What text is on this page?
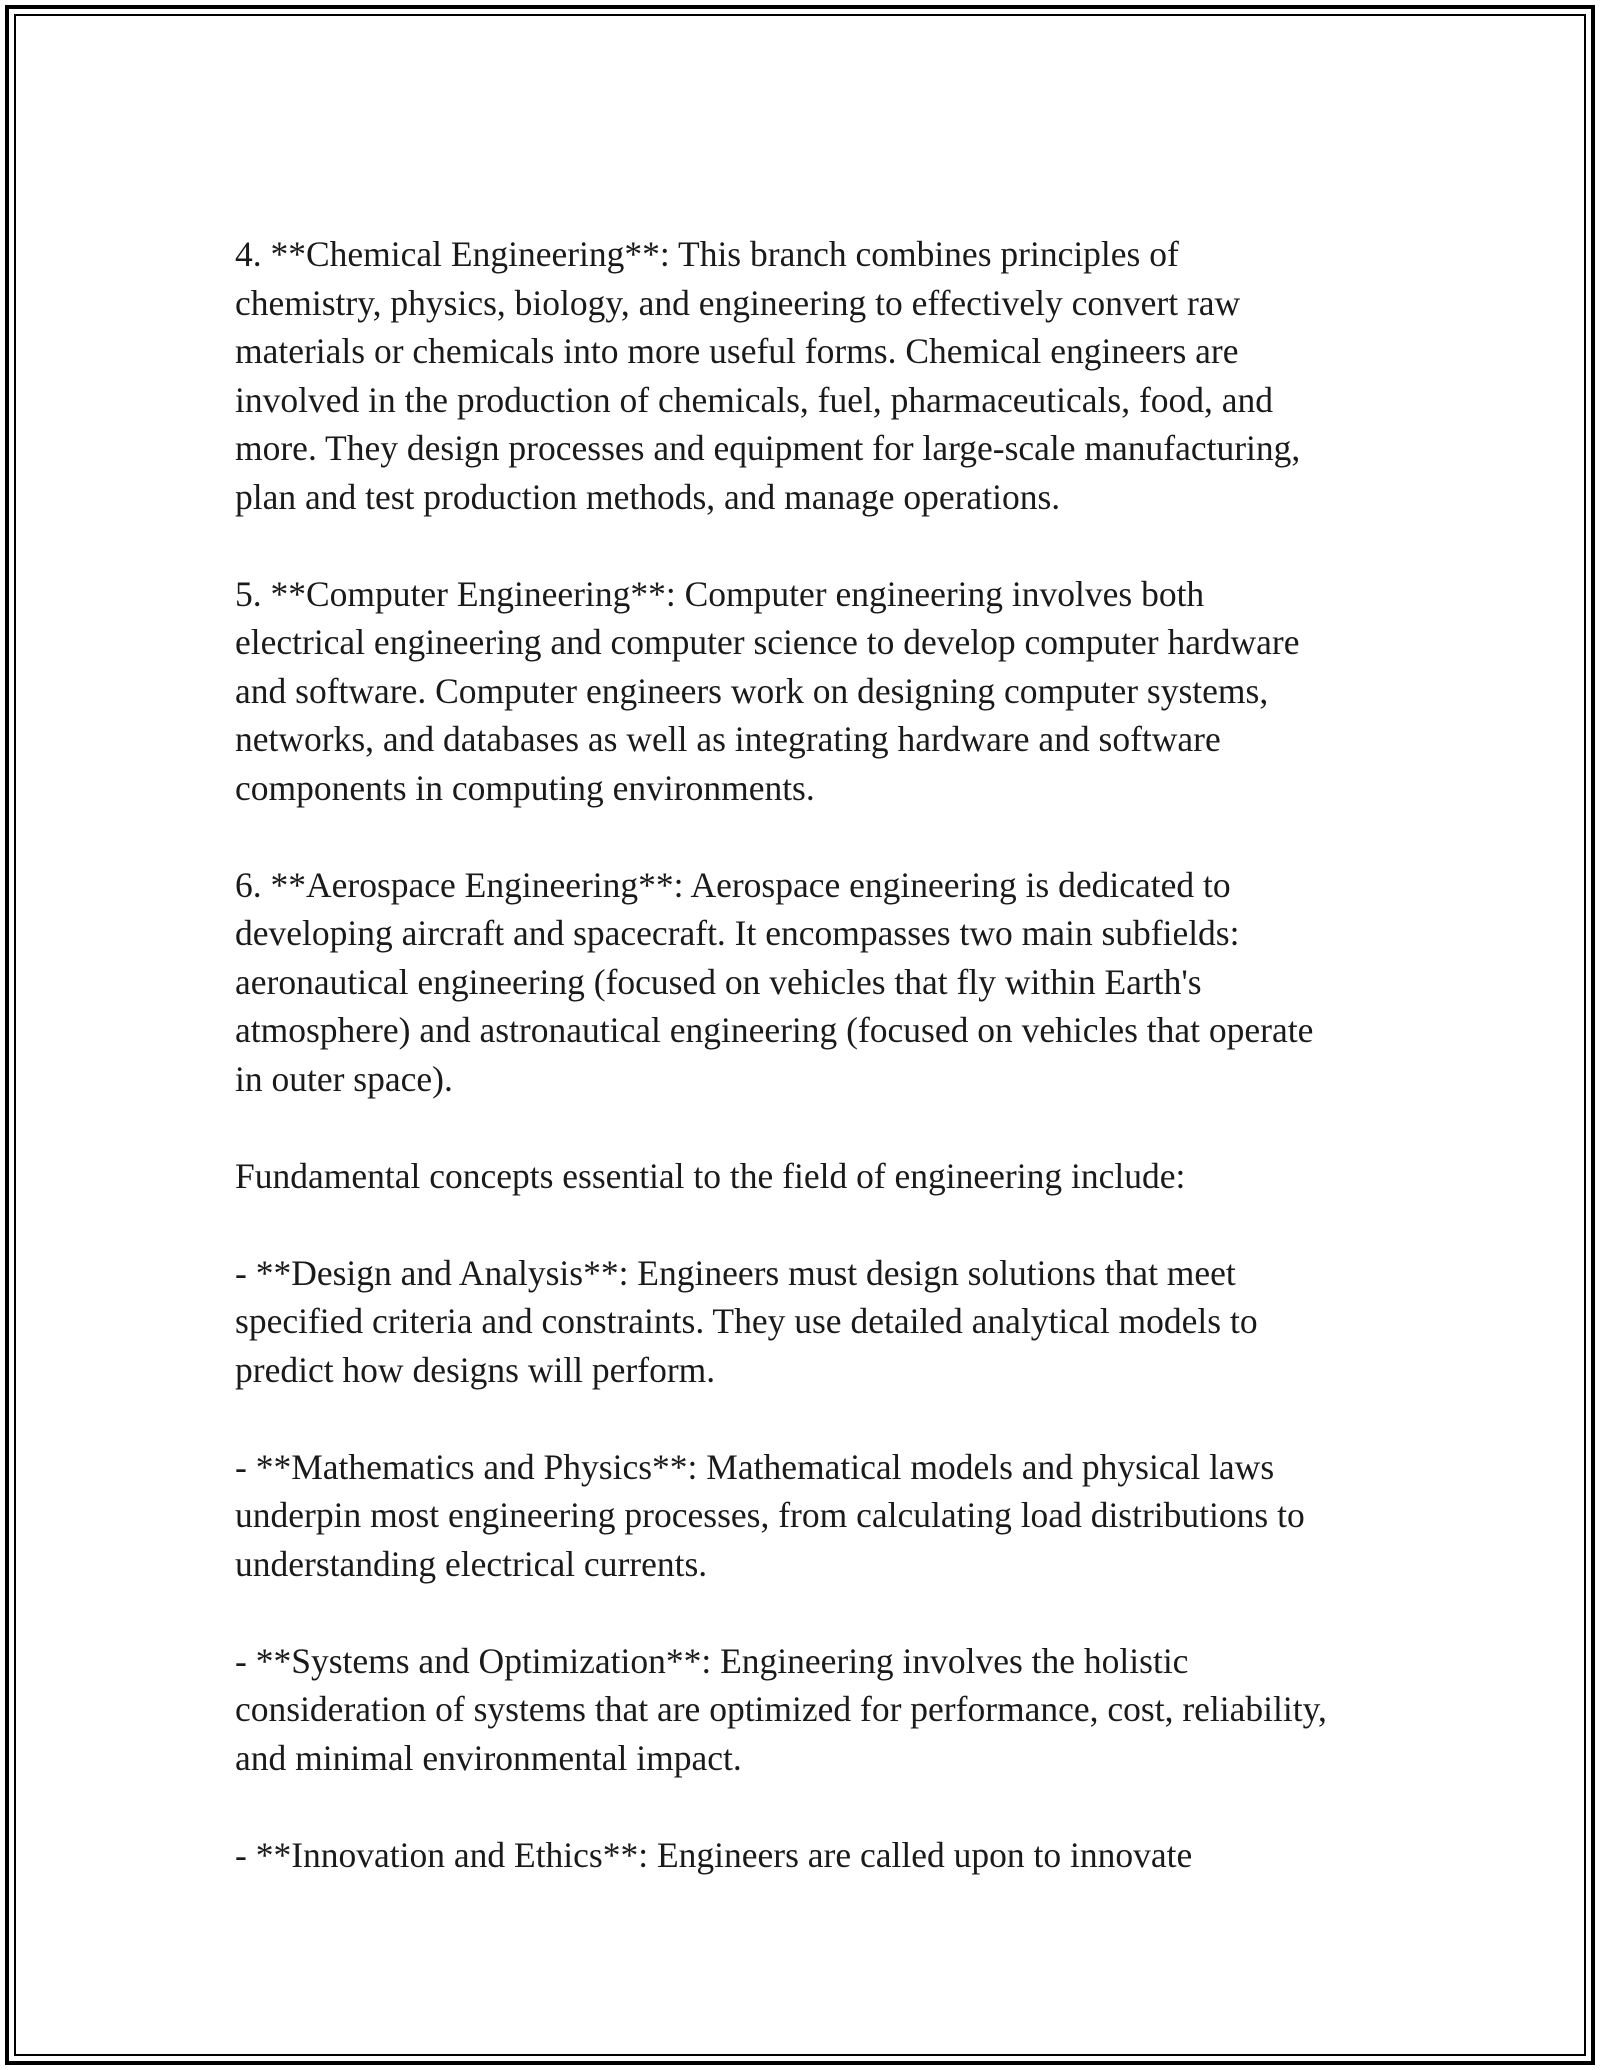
4. **Chemical Engineering**: This branch combines principles of
chemistry, physics, biology, and engineering to effectively convert raw
materials or chemicals into more useful forms. Chemical engineers are
involved in the production of chemicals, fuel, pharmaceuticals, food, and
more. They design processes and equipment for large-scale manufacturing,
plan and test production methods, and manage operations.

5. **Computer Engineering**: Computer engineering involves both
electrical engineering and computer science to develop computer hardware
and software. Computer engineers work on designing computer systems,
networks, and databases as well as integrating hardware and software
components in computing environments.

6. **Aerospace Engineering**: Aerospace engineering is dedicated to
developing aircraft and spacecraft. It encompasses two main subfields:
aeronautical engineering (focused on vehicles that fly within Earth's
atmosphere) and astronautical engineering (focused on vehicles that operate
in outer space).

Fundamental concepts essential to the field of engineering include:

- **Design and Analysis**: Engineers must design solutions that meet
specified criteria and constraints. They use detailed analytical models to
predict how designs will perform.

- **Mathematics and Physics**: Mathematical models and physical laws
underpin most engineering processes, from calculating load distributions to
understanding electrical currents.

- **Systems and Optimization**: Engineering involves the holistic
consideration of systems that are optimized for performance, cost, reliability,
and minimal environmental impact.

- **Innovation and Ethics**: Engineers are called upon to innovate
